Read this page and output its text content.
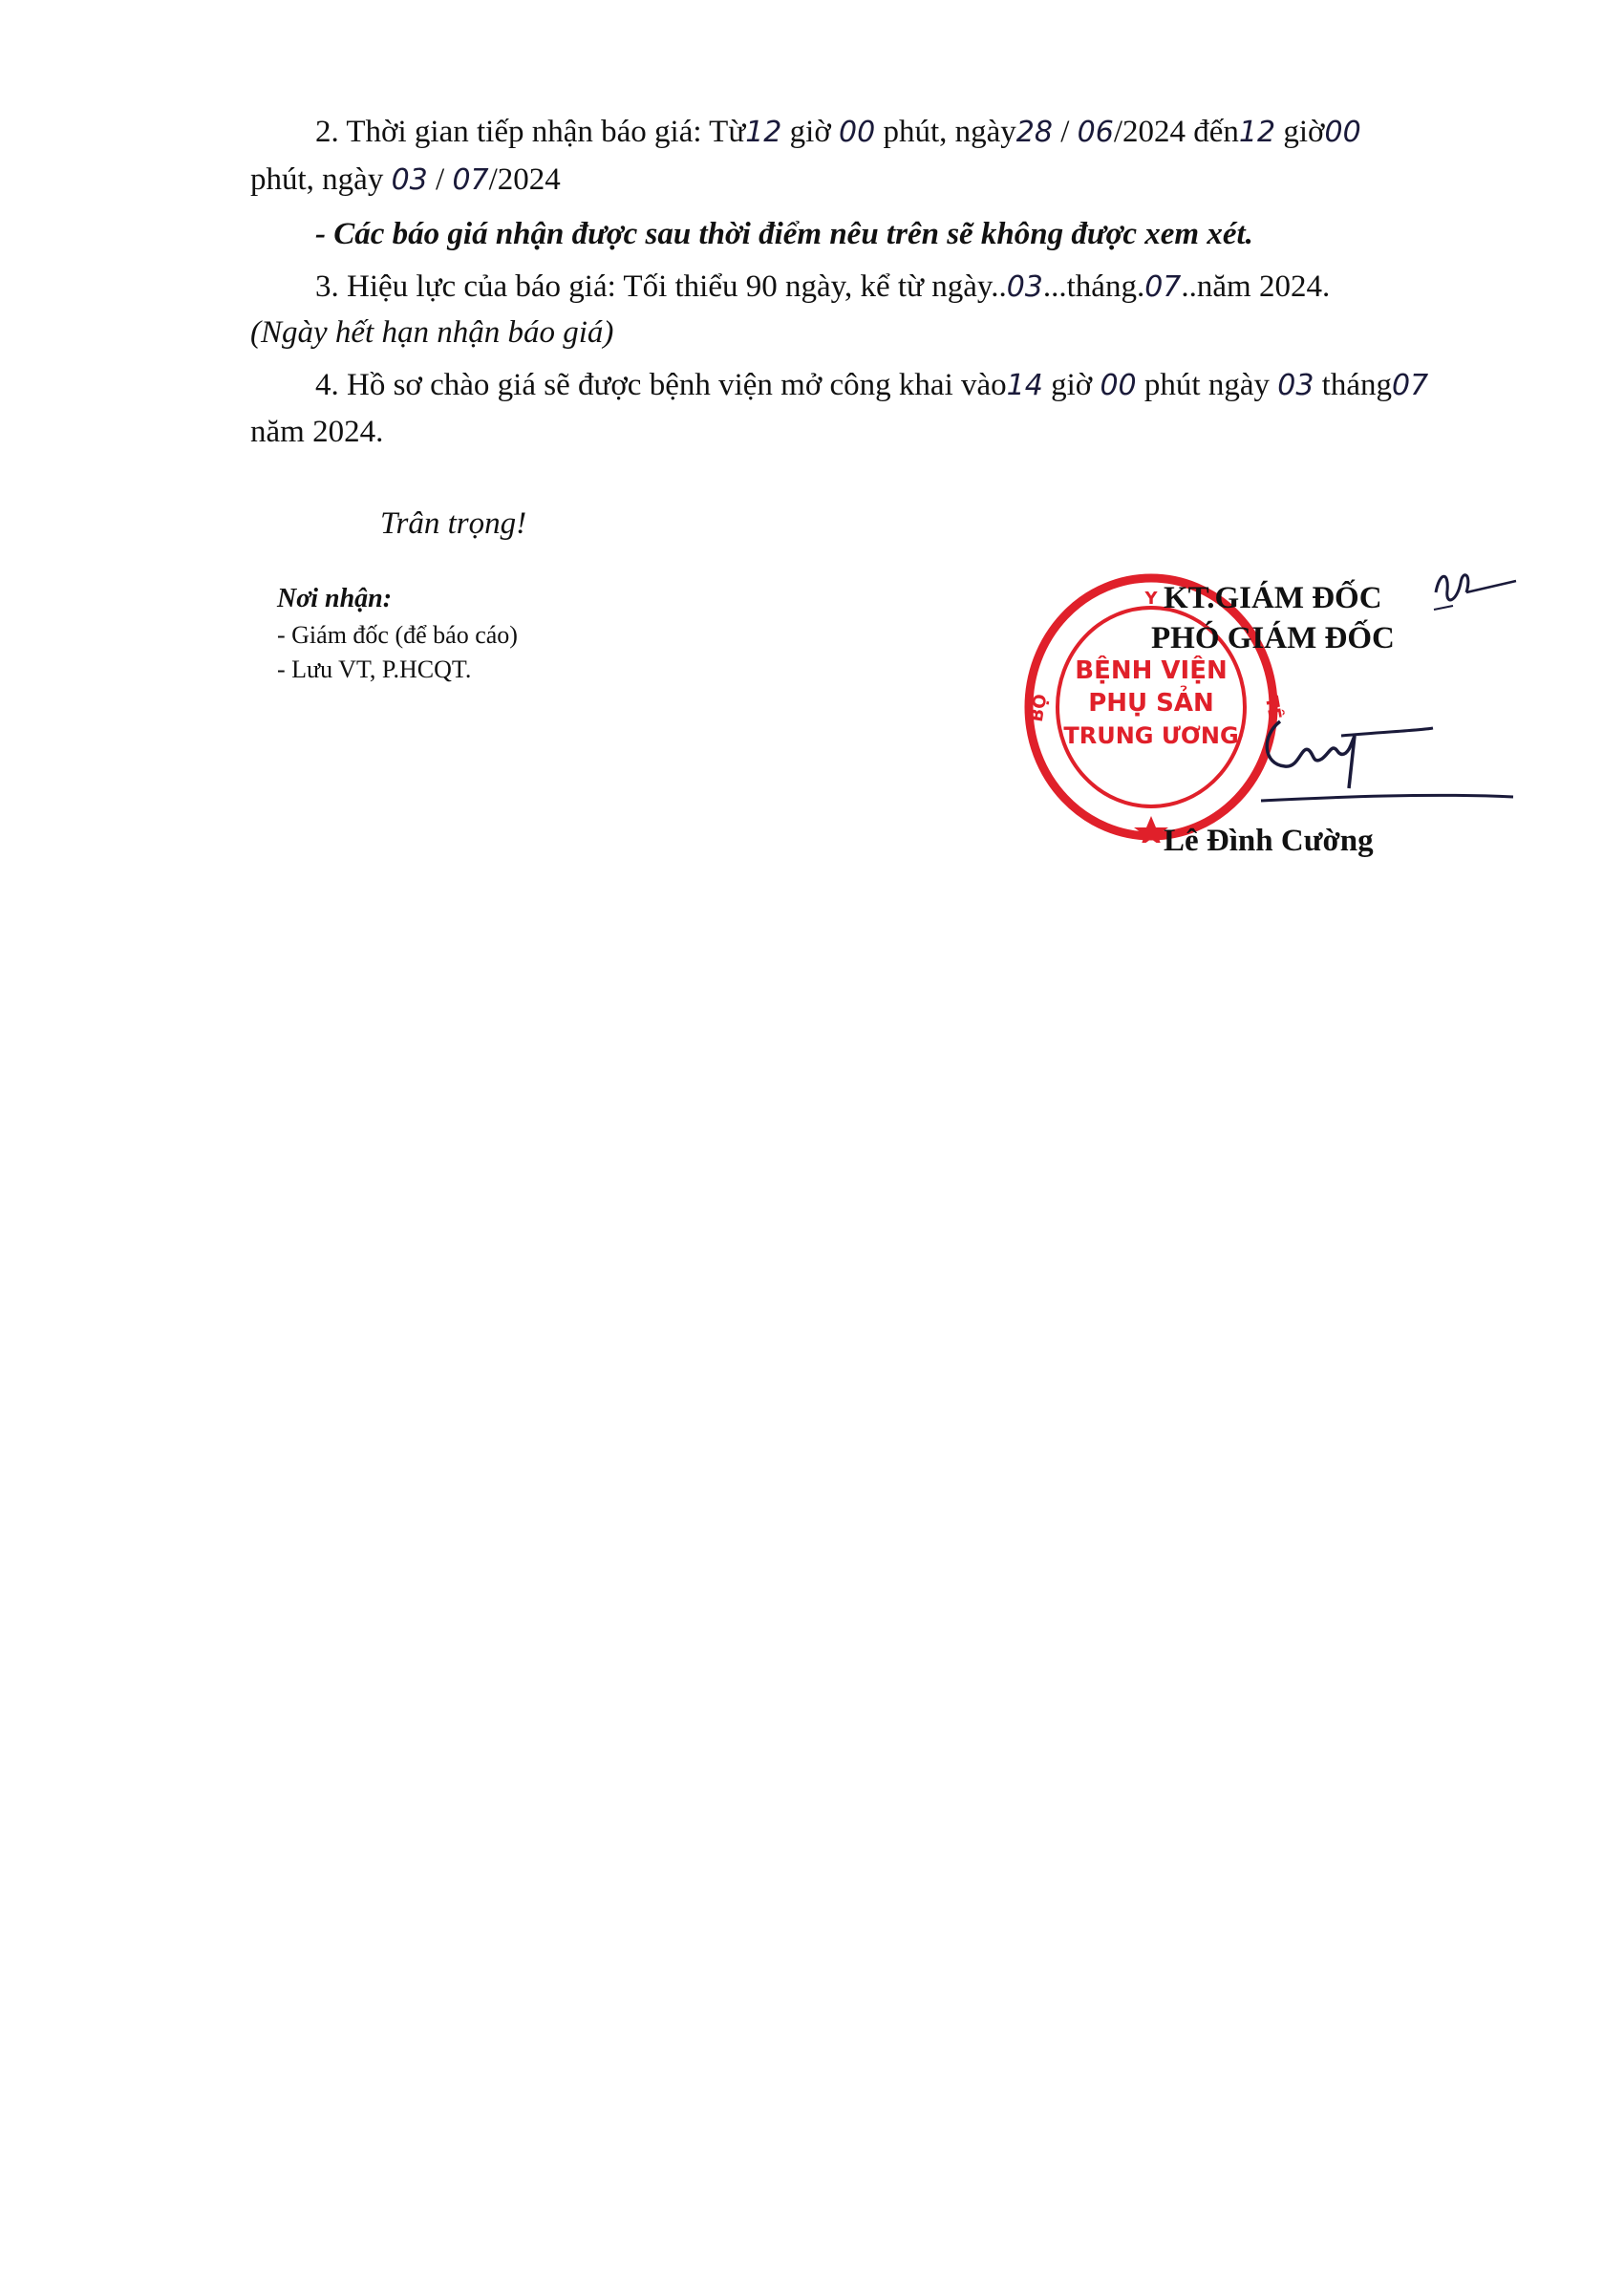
2. Thời gian tiếp nhận báo giá: Từ12 giờ 00 phút, ngày28 / 06/2024 đến12 giờ00
phút, ngày 03 / 07/2024
- Các báo giá nhận được sau thời điểm nêu trên sẽ không được xem xét.
3. Hiệu lực của báo giá: Tối thiểu 90 ngày, kể từ ngày..03...tháng.07..năm 2024.
(Ngày hết hạn nhận báo giá)
4. Hồ sơ chào giá sẽ được bệnh viện mở công khai vào14 giờ 00 phút ngày 03 tháng07
năm 2024.
Trân trọng!
Nơi nhận:
- Giám đốc (để báo cáo)
- Lưu VT, P.HCQT.
Y
BỘ	TẾ
BỆNH VIỆN
PHỤ SẢN
TRUNG ƯƠNG
KT.GIÁM ĐỐC
PHÓ GIÁM ĐỐC
Lê Đình Cường
